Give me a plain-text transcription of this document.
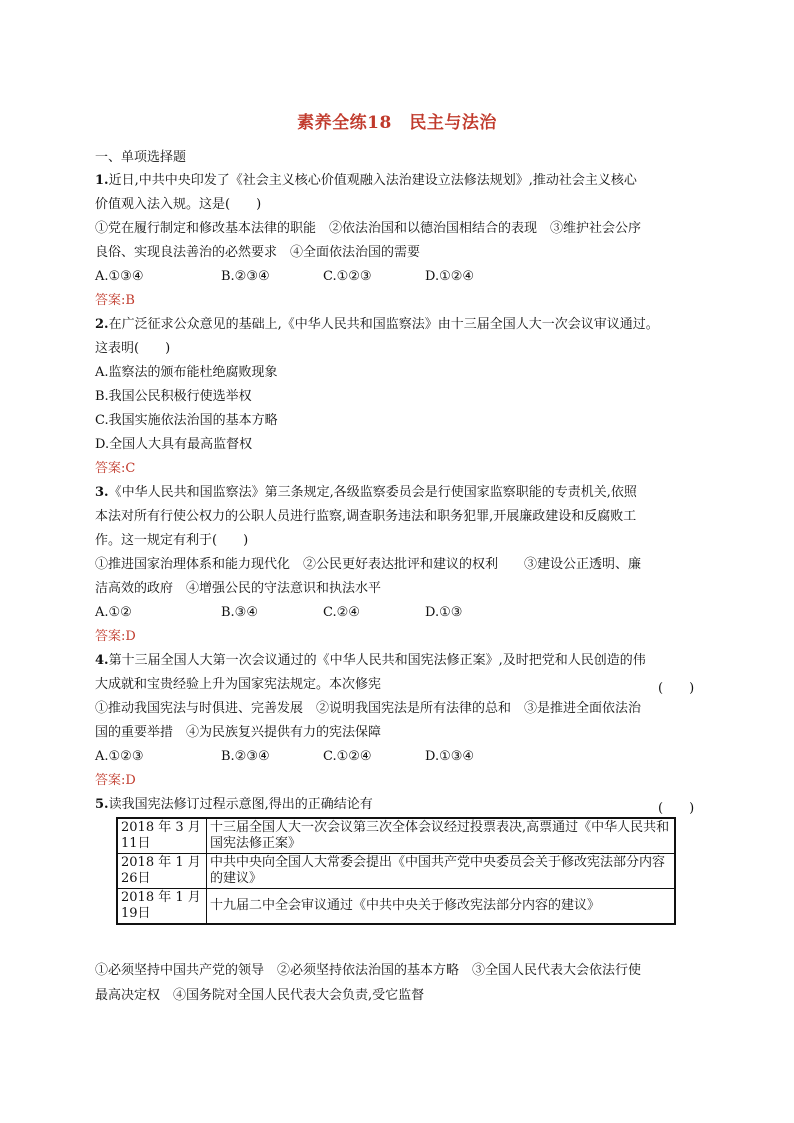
素养全练18　民主与法治
一、单项选择题
1.近日,中共中央印发了《社会主义核心价值观融入法治建设立法修法规划》,推动社会主义核心
价值观入法入规。这是(　　)
①党在履行制定和修改基本法律的职能　②依法治国和以德治国相结合的表现　③维护社会公序
良俗、实现良法善治的必然要求　④全面依法治国的需要
A.①③④	B.②③④	C.①②③	D.①②④
答案:B
2.在广泛征求公众意见的基础上,《中华人民共和国监察法》由十三届全国人大一次会议审议通过。
这表明(　　)
A.监察法的颁布能杜绝腐败现象
B.我国公民积极行使选举权
C.我国实施依法治国的基本方略
D.全国人大具有最高监督权
答案:C
3.《中华人民共和国监察法》第三条规定,各级监察委员会是行使国家监察职能的专责机关,依照
本法对所有行使公权力的公职人员进行监察,调查职务违法和职务犯罪,开展廉政建设和反腐败工
作。这一规定有利于(　　)
①推进国家治理体系和能力现代化　②公民更好表达批评和建议的权利　　③建设公正透明、廉
洁高效的政府　④增强公民的守法意识和执法水平
A.①②	B.③④	C.②④	D.①③
答案:D
4.第十三届全国人大第一次会议通过的《中华人民共和国宪法修正案》,及时把党和人民创造的伟
大成就和宝贵经验上升为国家宪法规定。本次修宪	(　　)
①推动我国宪法与时俱进、完善发展　②说明我国宪法是所有法律的总和　③是推进全面依法治
国的重要举措　④为民族复兴提供有力的宪法保障
A.①②③	B.②③④	C.①②④	D.①③④
答案:D
5.读我国宪法修订过程示意图,得出的正确结论有	(　　)
2018 年 3 月 11日	十三届全国人大一次会议第三次全体会议经过投票表决,高票通过《中华人民共和国宪法修正案》
2018 年 1 月 26日	中共中央向全国人大常委会提出《中国共产党中央委员会关于修改宪法部分内容的建议》
2018 年 1 月 19日	十九届二中全会审议通过《中共中央关于修改宪法部分内容的建议》
①必须坚持中国共产党的领导　②必须坚持依法治国的基本方略　③全国人民代表大会依法行使
最高决定权　④国务院对全国人民代表大会负责,受它监督
